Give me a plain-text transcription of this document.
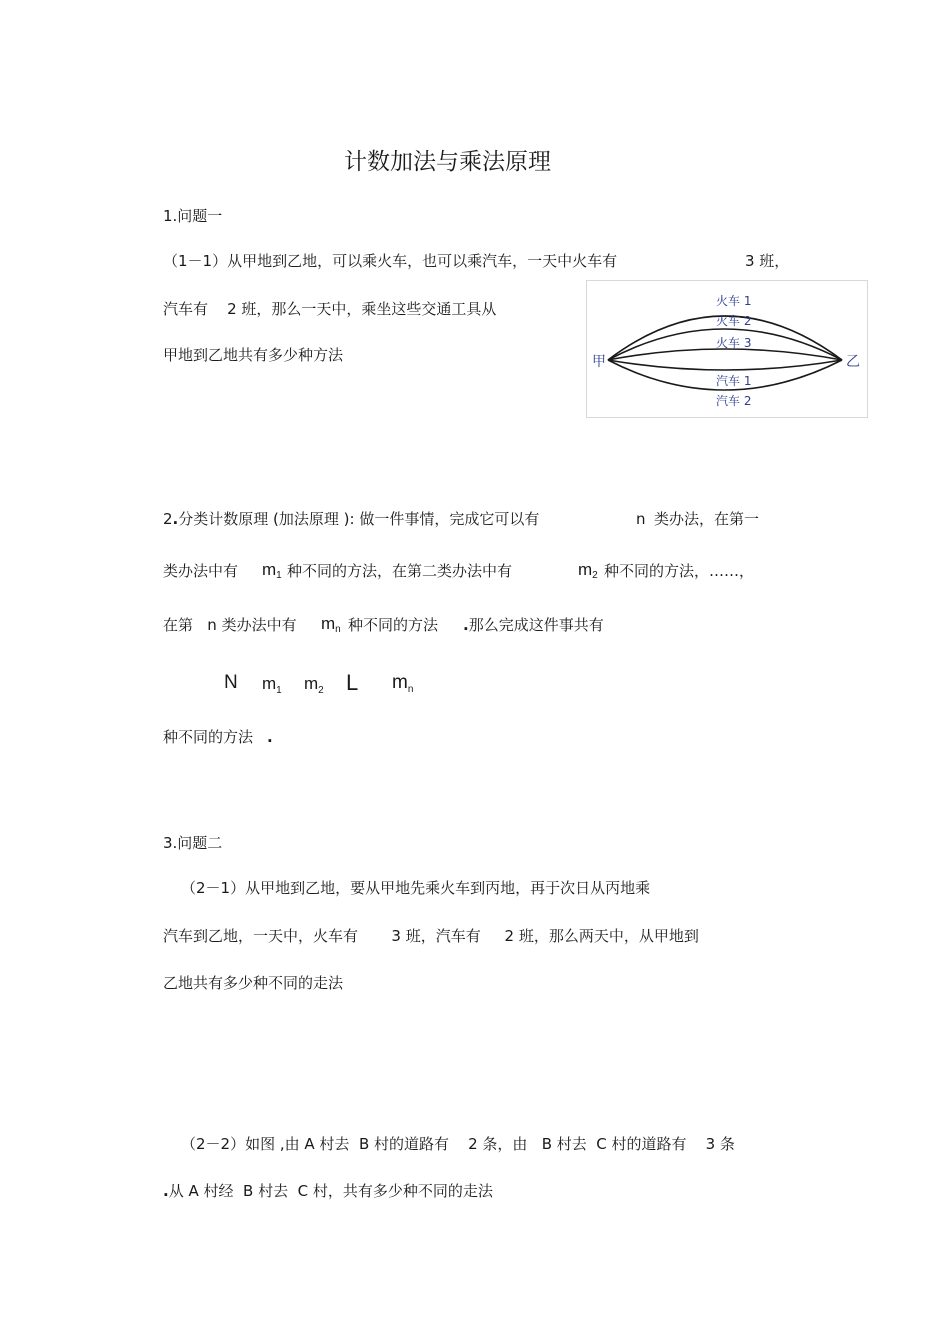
计数加法与乘法原理
1.问题一
（1－1）从甲地到乙地，可以乘火车，也可以乘汽车，一天中火车有	3 班，
汽车有    2 班，那么一天中，乘坐这些交通工具从
甲地到乙地共有多少种方法	甲	乙
火车 1
火车 2
火车 3
汽车 1
汽车 2
2.分类计数原理 (加法原理 ): 做一件事情，完成它可以有	n 类办法，在第一
类办法中有 $m_1$ 种不同的方法，在第二类办法中有	$m_2$ 种不同的方法，……，
在第   n 类办法中有 $m_n$ 种不同的方法 .那么完成这件事共有
N $m_1$ $m_2$ L $m_n$
种不同的方法 .
3.问题二
（2－1）从甲地到乙地，要从甲地先乘火车到丙地，再于次日从丙地乘
汽车到乙地，一天中，火车有       3 班，汽车有     2 班，那么两天中，从甲地到
乙地共有多少种不同的走法
（2－2）如图 ,由 A 村去  B 村的道路有    2 条，由   B 村去  C 村的道路有    3 条
.从 A 村经  B 村去  C 村，共有多少种不同的走法
